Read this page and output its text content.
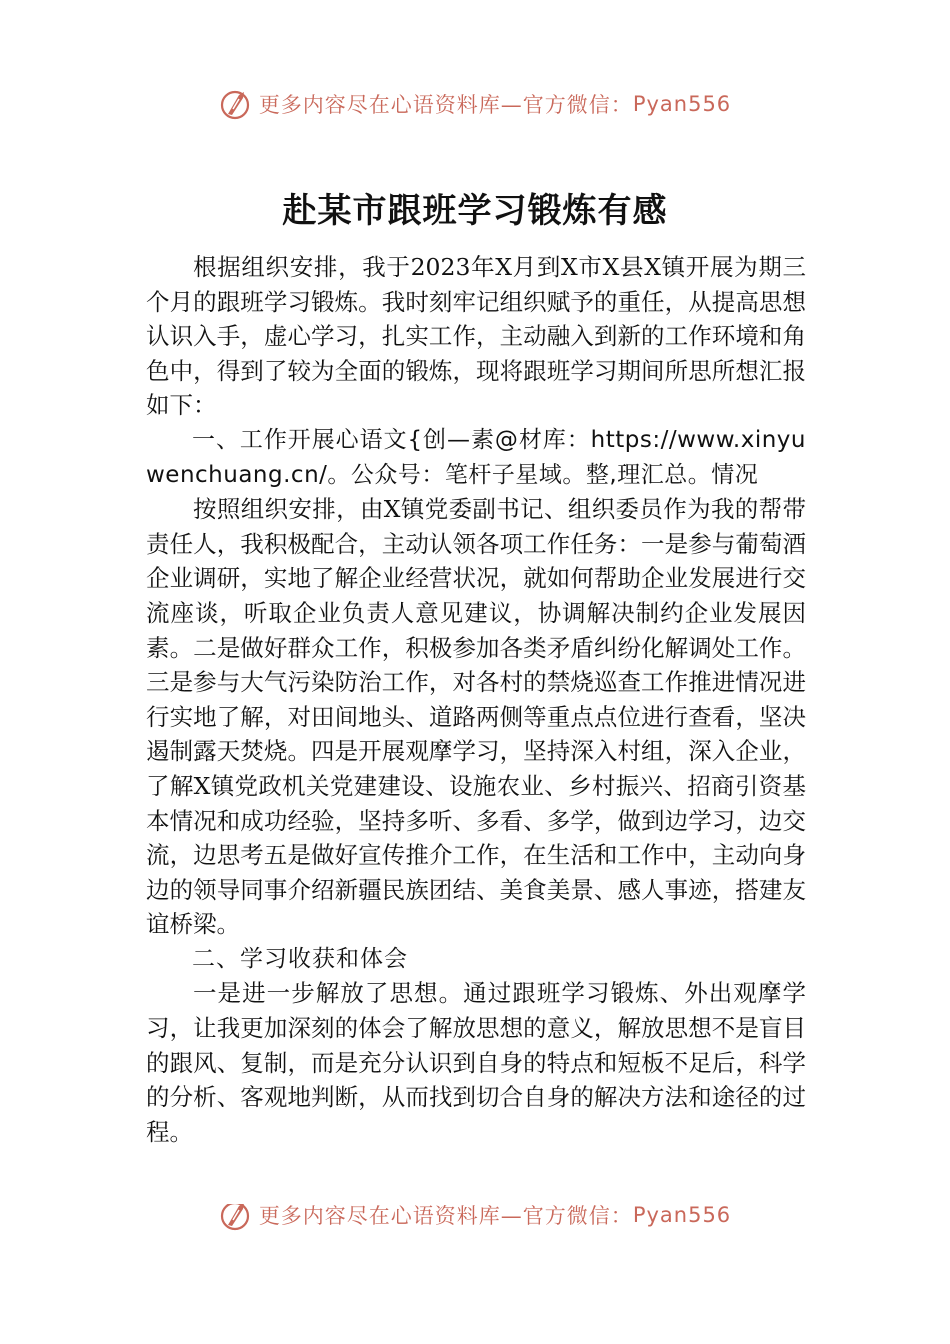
更多内容尽在心语资料库—官方微信： Pyan556
赴某市跟班学习锻炼有感

根据组织安排，我于2023年X月到X市X县X镇开展为期三个月的跟班学习锻炼。我时刻牢记组织赋予的重任，从提高思想认识入手，虚心学习，扎实工作，主动融入到新的工作环境和角色中，得到了较为全面的锻炼，现将跟班学习期间所思所想汇报如下：

一、工作开展心语文{创—素@材库：https://www.xinyuwenchuang.cn/。公众号：笔杆子星域。整,理汇总。情况

按照组织安排，由X镇党委副书记、组织委员作为我的帮带责任人，我积极配合，主动认领各项工作任务：一是参与葡萄酒企业调研，实地了解企业经营状况，就如何帮助企业发展进行交流座谈，听取企业负责人意见建议，协调解决制约企业发展因素。二是做好群众工作，积极参加各类矛盾纠纷化解调处工作。三是参与大气污染防治工作，对各村的禁烧巡查工作推进情况进行实地了解，对田间地头、道路两侧等重点点位进行查看，坚决遏制露天焚烧。四是开展观摩学习，坚持深入村组，深入企业，了解X镇党政机关党建建设、设施农业、乡村振兴、招商引资基本情况和成功经验，坚持多听、多看、多学，做到边学习，边交流，边思考五是做好宣传推介工作，在生活和工作中，主动向身边的领导同事介绍新疆民族团结、美食美景、感人事迹，搭建友谊桥梁。

二、学习收获和体会

一是进一步解放了思想。通过跟班学习锻炼、外出观摩学习，让我更加深刻的体会了解放思想的意义，解放思想不是盲目的跟风、复制，而是充分认识到自身的特点和短板不足后，科学的分析、客观地判断，从而找到切合自身的解决方法和途径的过程。

更多内容尽在心语资料库—官方微信： Pyan556
